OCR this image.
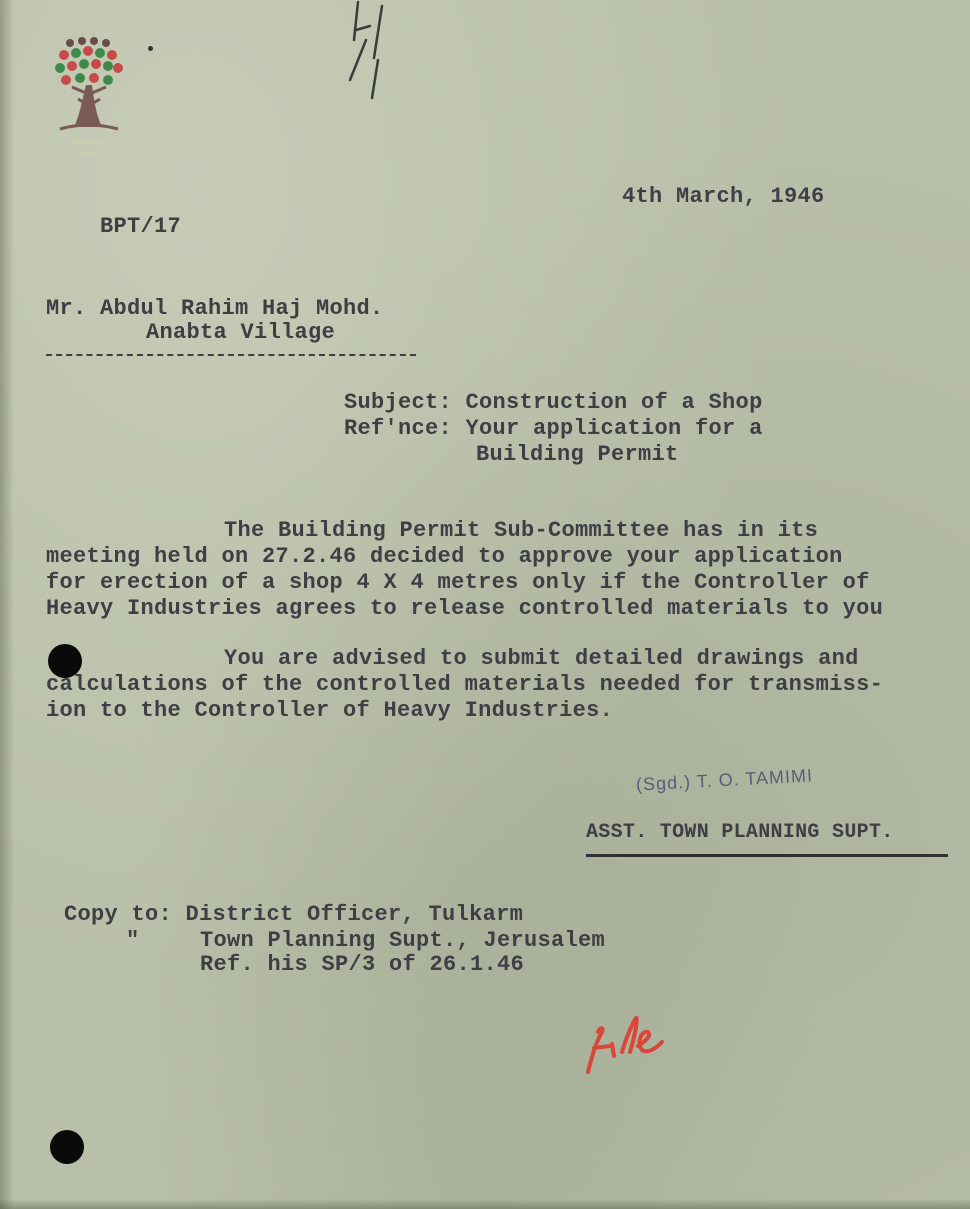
4th March, 1946
BPT/17
Mr. Abdul Rahim Haj Mohd.
Anabta Village
Subject: Construction of a Shop
Ref'nce: Your application for a
Building Permit
The Building Permit Sub-Committee has in its
meeting held on 27.2.46 decided to approve your application
for erection of a shop 4 X 4 metres only if the Controller of
Heavy Industries agrees to release controlled materials to you
You are advised to submit detailed drawings and
calculations of the controlled materials needed for transmiss-
ion to the Controller of Heavy Industries.
(Sgd.) T. O. TAMIMI
ASST. TOWN PLANNING SUPT.
Copy to: District Officer, Tulkarm
"	Town Planning Supt., Jerusalem
Ref. his SP/3 of 26.1.46
